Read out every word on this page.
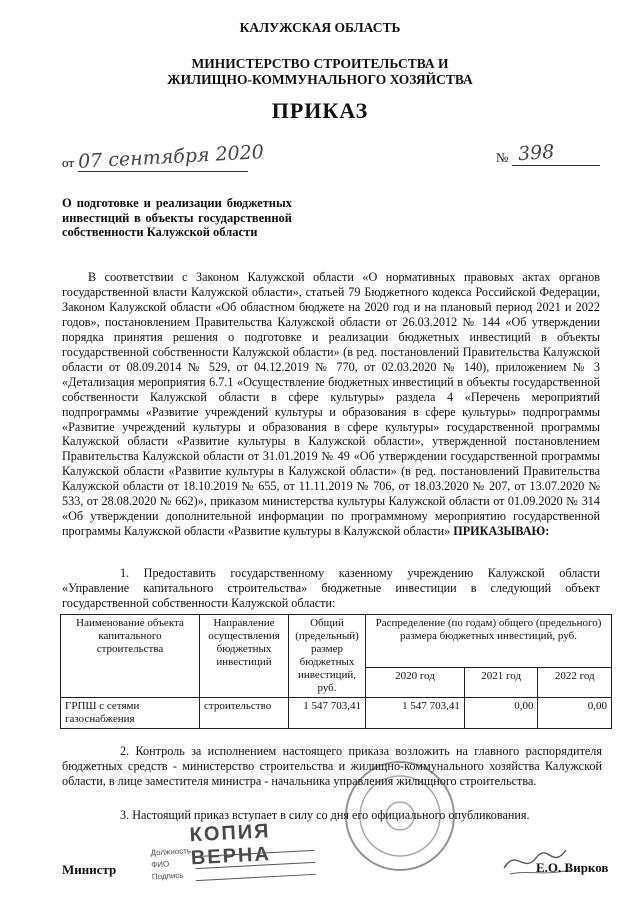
КАЛУЖСКАЯ ОБЛАСТЬ
МИНИСТЕРСТВО СТРОИТЕЛЬСТВА И
ЖИЛИЩНО-КОММУНАЛЬНОГО ХОЗЯЙСТВА
ПРИКАЗ
от 07 сентября 2020	№ 398
О подготовке и реализации бюджетных инвестиций в объекты государственной собственности Калужской области
В соответствии с Законом Калужской области «О нормативных правовых актах органов государственной власти Калужской области», статьей 79 Бюджетного кодекса Российской Федерации, Законом Калужской области «Об областном бюджете на 2020 год и на плановый период 2021 и 2022 годов», постановлением Правительства Калужской области от 26.03.2012 № 144 «Об утверждении порядка принятия решения о подготовке и реализации бюджетных инвестиций в объекты государственной собственности Калужской области» (в ред. постановлений Правительства Калужской области от 08.09.2014 № 529, от 04.12.2019 № 770, от 02.03.2020 № 140), приложением № 3 «Детализация мероприятия 6.7.1 «Осуществление бюджетных инвестиций в объекты государственной собственности Калужской области в сфере культуры» раздела 4 «Перечень мероприятий подпрограммы «Развитие учреждений культуры и образования в сфере культуры» подпрограммы «Развитие учреждений культуры и образования в сфере культуры» государственной программы Калужской области «Развитие культуры в Калужской области», утвержденной постановлением Правительства Калужской области от 31.01.2019 № 49 «Об утверждении государственной программы Калужской области «Развитие культуры в Калужской области» (в ред. постановлений Правительства Калужской области от 18.10.2019 № 655, от 11.11.2019 № 706, от 18.03.2020 № 207, от 13.07.2020 № 533, от 28.08.2020 № 662)», приказом министерства культуры Калужской области от 01.09.2020 № 314 «Об утверждении дополнительной информации по программному мероприятию государственной программы Калужской области «Развитие культуры в Калужской области» ПРИКАЗЫВАЮ:
1. Предоставить государственному казенному учреждению Калужской области «Управление капитального строительства» бюджетные инвестиции в следующий объект государственной собственности Калужской области:
Наименование объекта капитального строительства	Направление осуществления бюджетных инвестиций	Общий (предельный) размер бюджетных инвестиций, руб.	Распределение (по годам) общего (предельного) размера бюджетных инвестиций, руб.		
			2020 год	2021 год	2022 год
ГРПШ с сетями газоснабжения	строительство	1 547 703,41	1 547 703,41	0,00	0,00
2. Контроль за исполнением настоящего приказа возложить на главного распорядителя бюджетных средств - министерство строительства и жилищно-коммунального хозяйства Калужской области, в лице заместителя министра - начальника управления жилищного строительства.
3. Настоящий приказ вступает в силу со дня его официального опубликования.
КОПИЯ ВЕРНА
Должность
ФИО
Подпись
Министр	Е.О. Вирков
